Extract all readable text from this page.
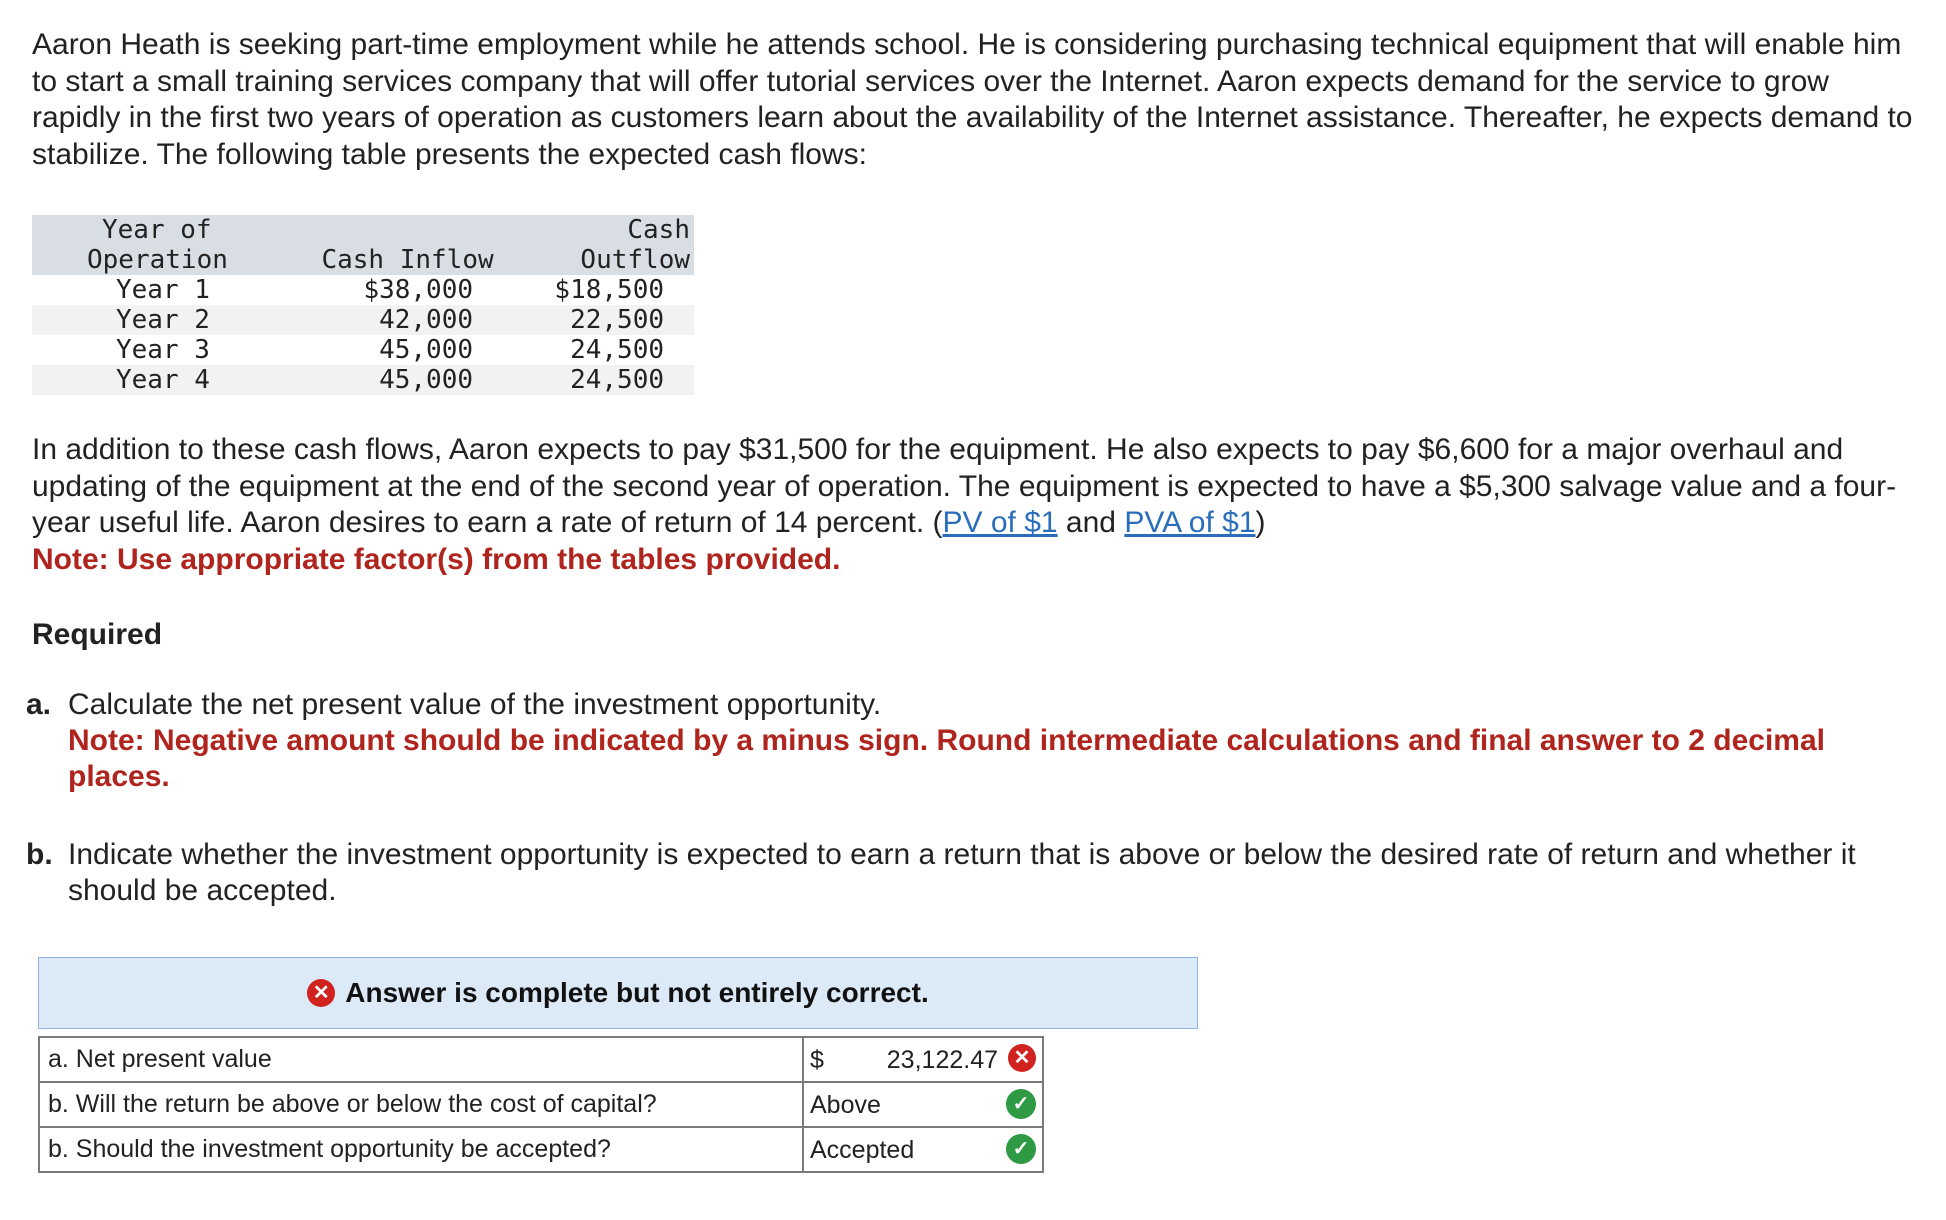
Aaron Heath is seeking part-time employment while he attends school. He is considering purchasing technical equipment that will enable him to start a small training services company that will offer tutorial services over the Internet. Aaron expects demand for the service to grow rapidly in the first two years of operation as customers learn about the availability of the Internet assistance. Thereafter, he expects demand to stabilize. The following table presents the expected cash flows:

Year of
Operation	Cash Inflow	Cash Outflow
Year 1	$38,000	$18,500
Year 2	42,000	22,500
Year 3	45,000	24,500
Year 4	45,000	24,500

In addition to these cash flows, Aaron expects to pay $31,500 for the equipment. He also expects to pay $6,600 for a major overhaul and updating of the equipment at the end of the second year of operation. The equipment is expected to have a $5,300 salvage value and a four-year useful life. Aaron desires to earn a rate of return of 14 percent. (PV of $1 and PVA of $1)
Note: Use appropriate factor(s) from the tables provided.

Required

a. Calculate the net present value of the investment opportunity.
Note: Negative amount should be indicated by a minus sign. Round intermediate calculations and final answer to 2 decimal places.
b. Indicate whether the investment opportunity is expected to earn a return that is above or below the desired rate of return and whether it should be accepted.
✕ Answer is complete but not entirely correct.
a. Net present value	$ 23,122.47 ✕

b. Will the return be above or below the cost of capital?	Above ✓

b. Should the investment opportunity be accepted?	Accepted ✓
